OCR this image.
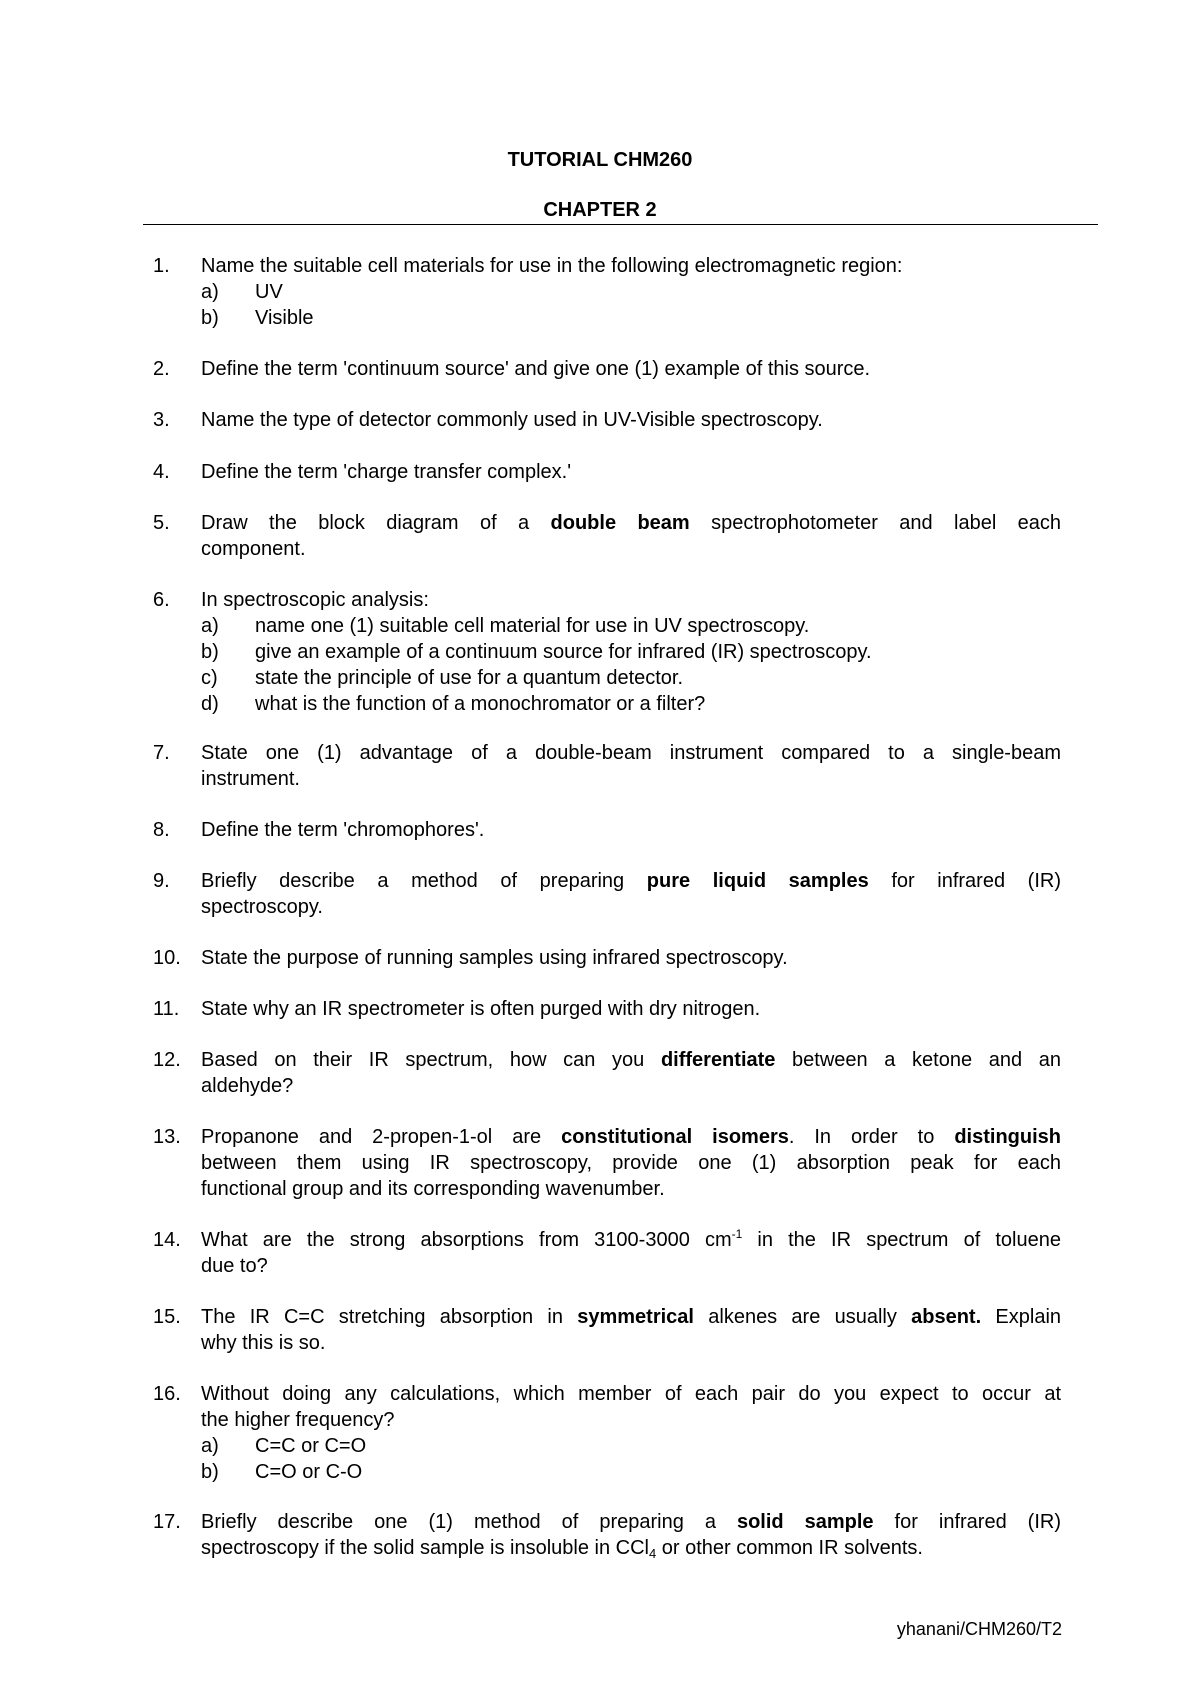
TUTORIAL CHM260
CHAPTER 2
1. Name the suitable cell materials for use in the following electromagnetic region:
a) UV
b) Visible
2. Define the term 'continuum source' and give one (1) example of this source.
3. Name the type of detector commonly used in UV-Visible spectroscopy.
4. Define the term 'charge transfer complex.'
5. Draw the block diagram of a double beam spectrophotometer and label each
component.
6. In spectroscopic analysis:
a) name one (1) suitable cell material for use in UV spectroscopy.
b) give an example of a continuum source for infrared (IR) spectroscopy.
c) state the principle of use for a quantum detector.
d) what is the function of a monochromator or a filter?
7. State one (1) advantage of a double-beam instrument compared to a single-beam
instrument.
8. Define the term 'chromophores'.
9. Briefly describe a method of preparing pure liquid samples for infrared (IR)
spectroscopy.
10. State the purpose of running samples using infrared spectroscopy.
11. State why an IR spectrometer is often purged with dry nitrogen.
12. Based on their IR spectrum, how can you differentiate between a ketone and an
aldehyde?
13. Propanone and 2-propen-1-ol are constitutional isomers. In order to distinguish
between them using IR spectroscopy, provide one (1) absorption peak for each
functional group and its corresponding wavenumber.
14. What are the strong absorptions from 3100-3000 $cm^{-1}$ in the IR spectrum of toluene
due to?
15. The IR C=C stretching absorption in symmetrical alkenes are usually absent. Explain
why this is so.
16. Without doing any calculations, which member of each pair do you expect to occur at
the higher frequency?
a) C=C or C=O
b) C=O or C-O
17. Briefly describe one (1) method of preparing a solid sample for infrared (IR)
spectroscopy if the solid sample is insoluble in CCl$_4$ or other common IR solvents.
yhanani/CHM260/T2
